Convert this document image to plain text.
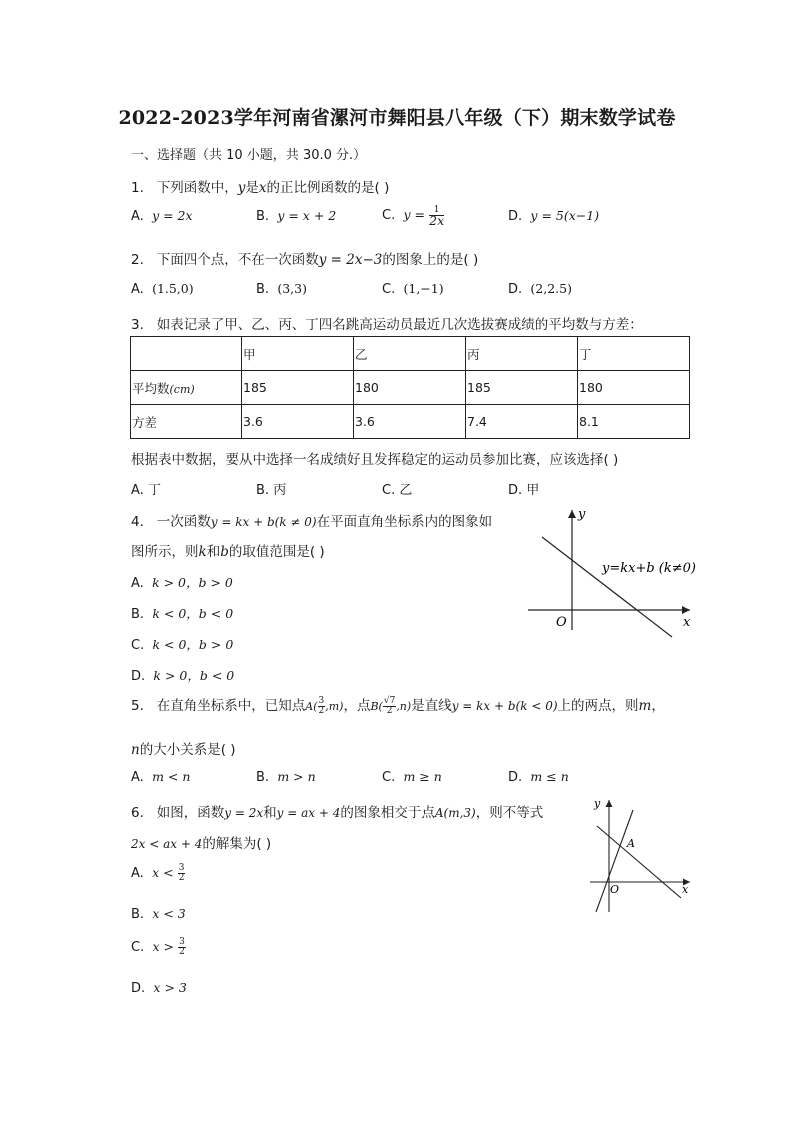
2022-2023学年河南省漯河市舞阳县八年级（下）期末数学试卷
一、选择题（共 10 小题，共 30.0 分.）
1. 下列函数中，y是x的正比例函数的是( )
A. y = 2x	B. y = x + 2	C. $y = \frac{1}{2x}$	D. y = 5(x−1)
2. 下面四个点，不在一次函数y = 2x−3的图象上的是( )
A. (1.5,0)	B. (3,3)	C. (1,−1)	D. (2,2.5)
3. 如表记录了甲、乙、丙、丁四名跳高运动员最近几次选拔赛成绩的平均数与方差：
	甲	乙	丙	丁
平均数(cm)	185	180	185	180
方差	3.6	3.6	7.4	8.1
根据表中数据，要从中选择一名成绩好且发挥稳定的运动员参加比赛，应该选择( )
A. 丁	B. 丙	C. 乙	D. 甲
4. 一次函数y = kx + b(k ≠ 0)在平面直角坐标系内的图象如
图所示，则k和b的取值范围是( )
A. k > 0，b > 0
B. k < 0，b < 0
C. k < 0，b > 0
D. k > 0，b < 0
y
x
O
y=kx+b (k≠0)
5. 在直角坐标系中，已知点$A( \frac{3}{2} ,m)$，点$B( \frac{√7}{2} ,n)$是直线y = kx + b(k < 0)上的两点，则m，
n的大小关系是( )
A. m < n	B. m > n	C. m ≥ n	D. m ≤ n
6. 如图，函数y = 2x和y = ax + 4的图象相交于点A(m,3)，则不等式
2x < ax + 4的解集为( )
A. $x < \frac{3}{2}$
B. x < 3
C. $x > \frac{3}{2}$
D. x > 3
y
x
O
A
